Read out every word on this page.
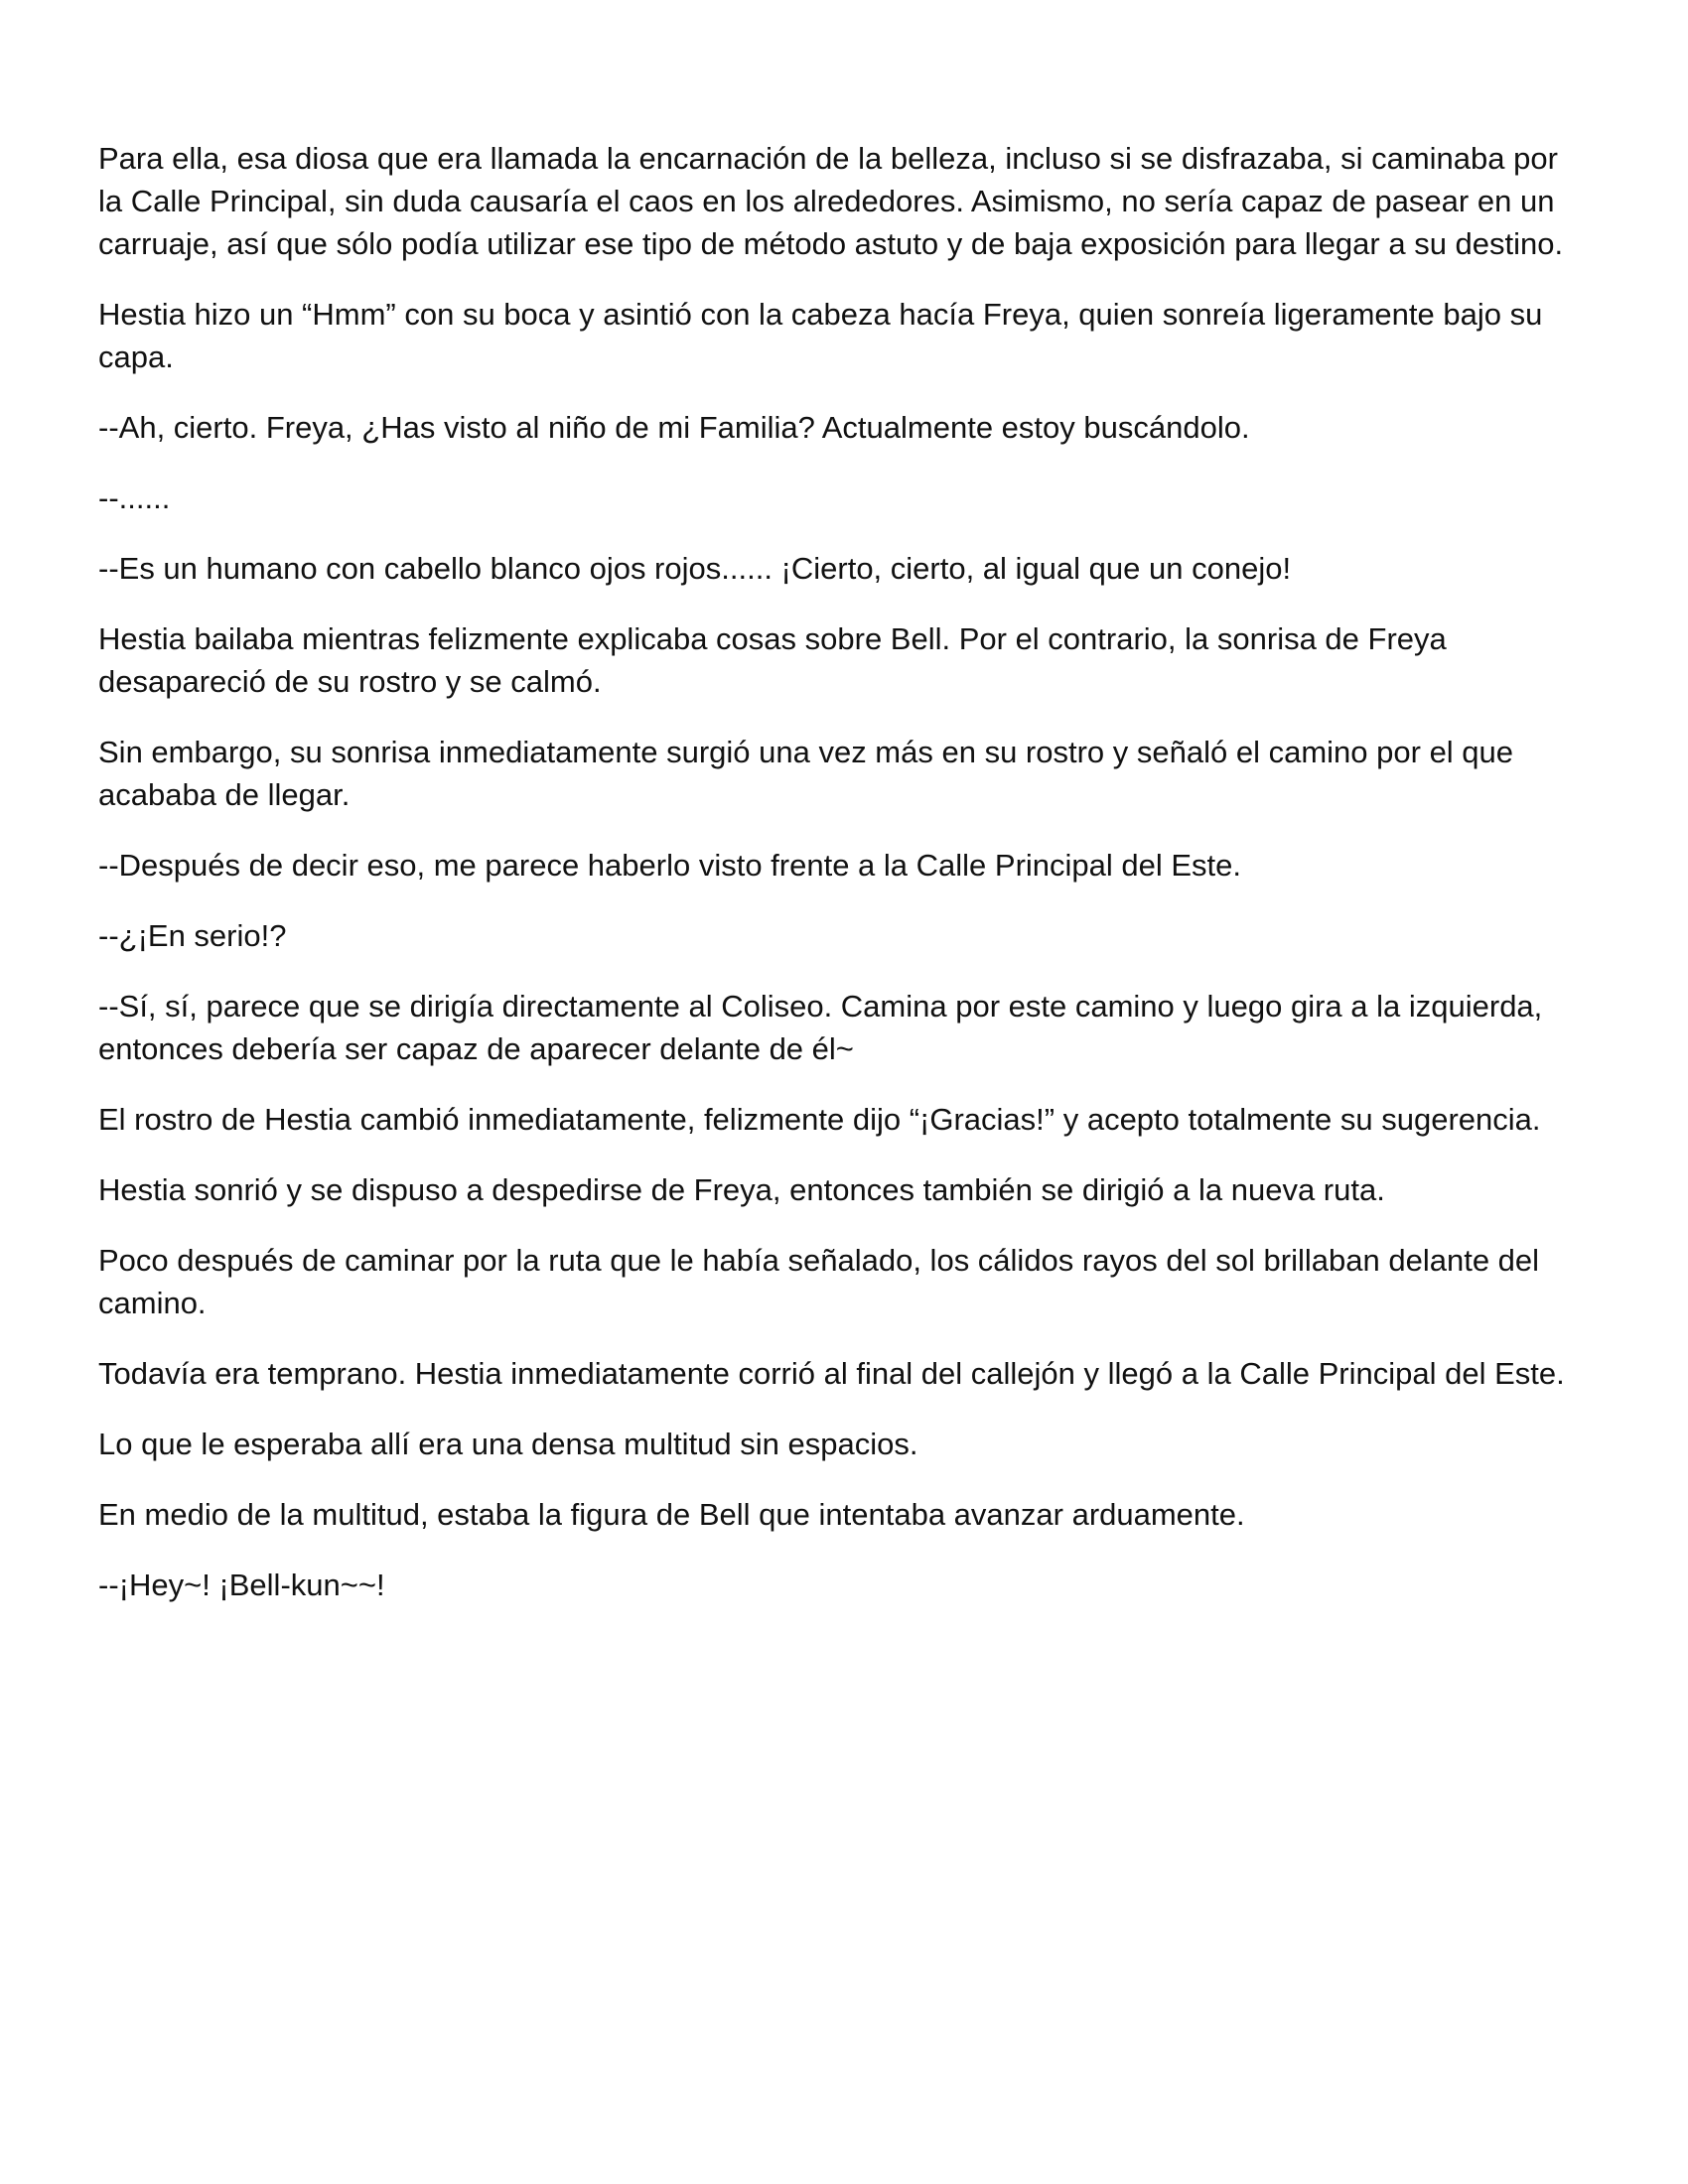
Para ella, esa diosa que era llamada la encarnación de la belleza, incluso si se disfrazaba, si caminaba por la Calle Principal, sin duda causaría el caos en los alrededores. Asimismo, no sería capaz de pasear en un carruaje, así que sólo podía utilizar ese tipo de método astuto y de baja exposición para llegar a su destino.

Hestia hizo un “Hmm” con su boca y asintió con la cabeza hacía Freya, quien sonreía ligeramente bajo su capa.

--Ah, cierto. Freya, ¿Has visto al niño de mi Familia? Actualmente estoy buscándolo.

--......

--Es un humano con cabello blanco ojos rojos...... ¡Cierto, cierto, al igual que un conejo!

Hestia bailaba mientras felizmente explicaba cosas sobre Bell. Por el contrario, la sonrisa de Freya desapareció de su rostro y se calmó.

Sin embargo, su sonrisa inmediatamente surgió una vez más en su rostro y señaló el camino por el que acababa de llegar.

--Después de decir eso, me parece haberlo visto frente a la Calle Principal del Este.

--¿¡En serio!?

--Sí, sí, parece que se dirigía directamente al Coliseo. Camina por este camino y luego gira a la izquierda, entonces debería ser capaz de aparecer delante de él~

El rostro de Hestia cambió inmediatamente, felizmente dijo “¡Gracias!” y acepto totalmente su sugerencia.

Hestia sonrió y se dispuso a despedirse de Freya, entonces también se dirigió a la nueva ruta.

Poco después de caminar por la ruta que le había señalado, los cálidos rayos del sol brillaban delante del camino.

Todavía era temprano. Hestia inmediatamente corrió al final del callejón y llegó a la Calle Principal del Este.

Lo que le esperaba allí era una densa multitud sin espacios.

En medio de la multitud, estaba la figura de Bell que intentaba avanzar arduamente.

--¡Hey~! ¡Bell-kun~~!
